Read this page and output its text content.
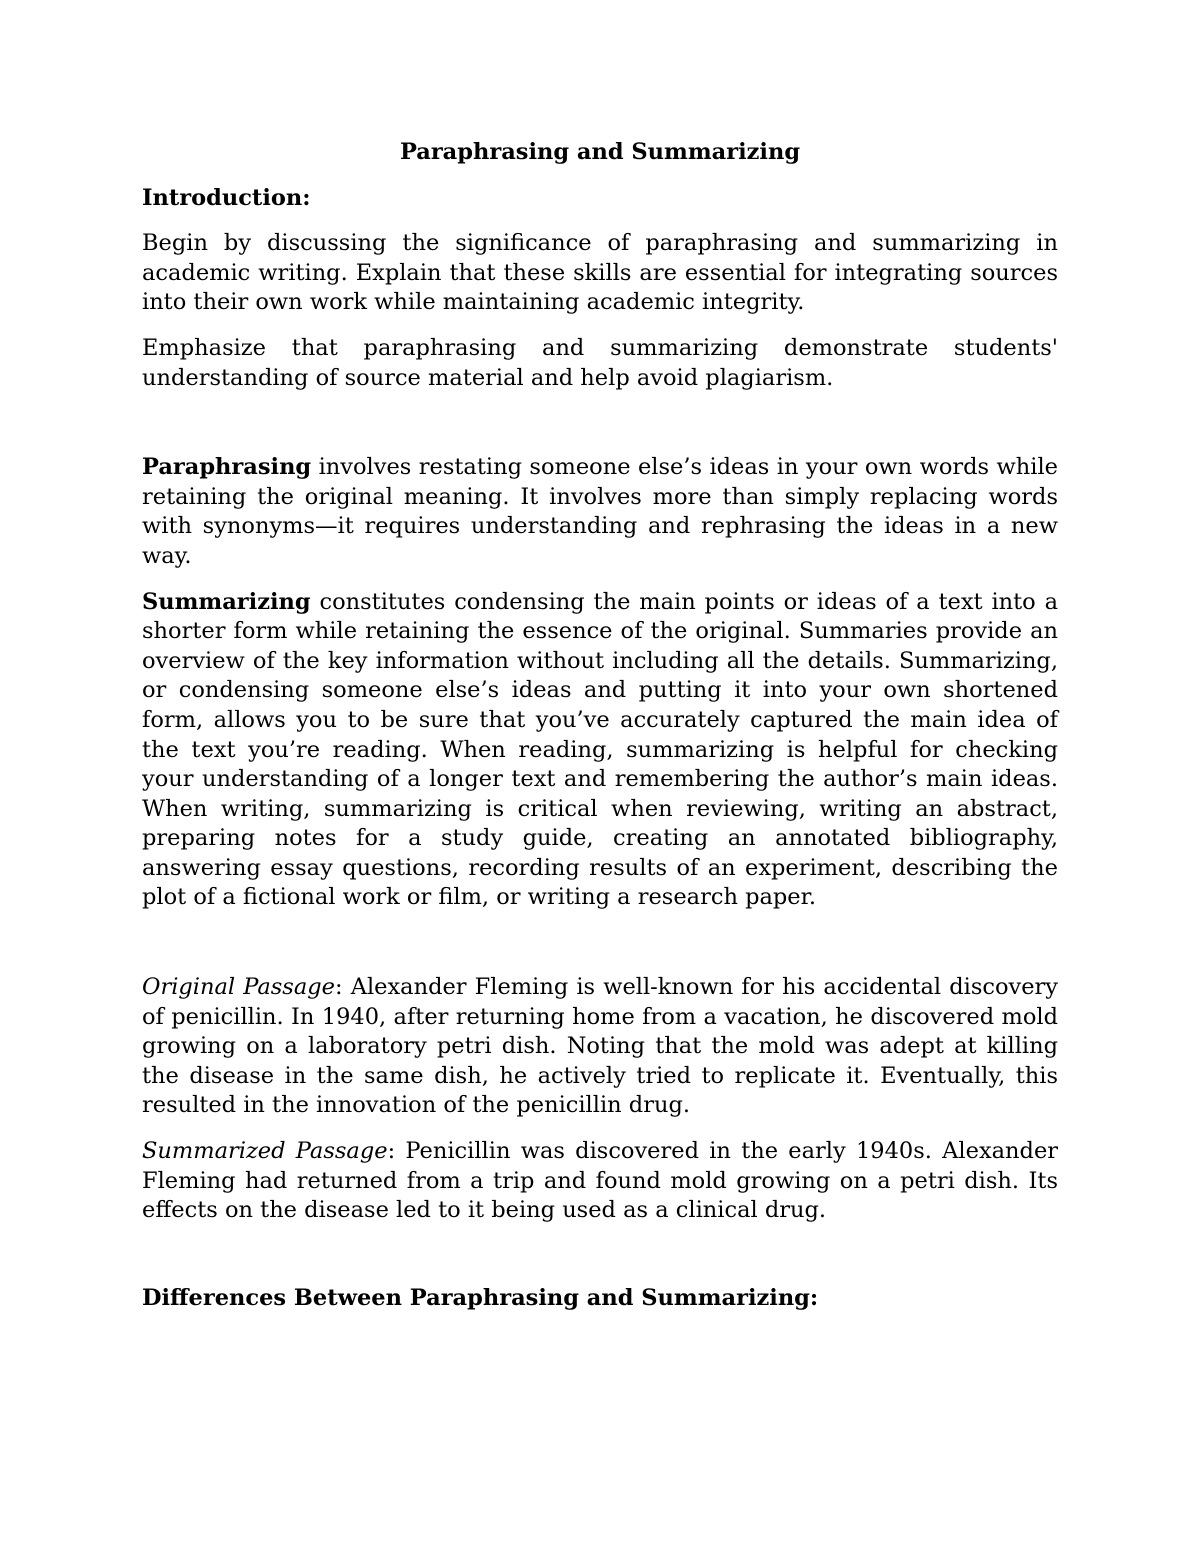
Paraphrasing and Summarizing
Introduction:

Begin by discussing the significance of paraphrasing and summarizing in academic writing. Explain that these skills are essential for integrating sources into their own work while maintaining academic integrity.

Emphasize that paraphrasing and summarizing demonstrate students' understanding of source material and help avoid plagiarism.

Paraphrasing involves restating someone else’s ideas in your own words while retaining the original meaning. It involves more than simply replacing words with synonyms—it requires understanding and rephrasing the ideas in a new way.

Summarizing constitutes condensing the main points or ideas of a text into a shorter form while retaining the essence of the original. Summaries provide an overview of the key information without including all the details. Summarizing, or condensing someone else’s ideas and putting it into your own shortened form, allows you to be sure that you’ve accurately captured the main idea of the text you’re reading. When reading, summarizing is helpful for checking your understanding of a longer text and remembering the author’s main ideas. When writing, summarizing is critical when reviewing, writing an abstract, preparing notes for a study guide, creating an annotated bibliography, answering essay questions, recording results of an experiment, describing the plot of a fictional work or film, or writing a research paper.

Original Passage: Alexander Fleming is well-known for his accidental discovery of penicillin. In 1940, after returning home from a vacation, he discovered mold growing on a laboratory petri dish. Noting that the mold was adept at killing the disease in the same dish, he actively tried to replicate it. Eventually, this resulted in the innovation of the penicillin drug.

Summarized Passage: Penicillin was discovered in the early 1940s. Alexander Fleming had returned from a trip and found mold growing on a petri dish. Its effects on the disease led to it being used as a clinical drug.

Differences Between Paraphrasing and Summarizing:
